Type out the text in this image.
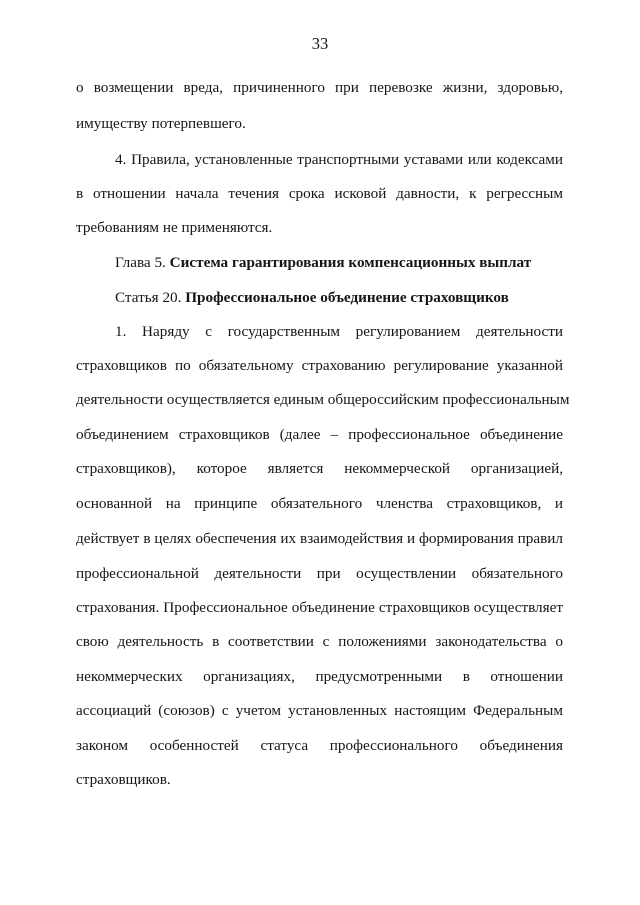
33

о возмещении вреда, причиненного при перевозке жизни, здоровью,

имуществу потерпевшего.

4. Правила, установленные транспортными уставами или кодексами

в отношении начала течения срока исковой давности, к регрессным

требованиям не применяются.

Глава 5. Система гарантирования компенсационных выплат

Статья 20. Профессиональное объединение страховщиков

1. Наряду с государственным регулированием деятельности

страховщиков по обязательному страхованию регулирование указанной

деятельности осуществляется единым общероссийским профессиональным

объединением страховщиков (далее – профессиональное объединение

страховщиков), которое является некоммерческой организацией,

основанной на принципе обязательного членства страховщиков, и

действует в целях обеспечения их взаимодействия и формирования правил

профессиональной деятельности при осуществлении обязательного

страхования. Профессиональное объединение страховщиков осуществляет

свою деятельность в соответствии с положениями законодательства о

некоммерческих организациях, предусмотренными в отношении

ассоциаций (союзов) с учетом установленных настоящим Федеральным

законом особенностей статуса профессионального объединения

страховщиков.
